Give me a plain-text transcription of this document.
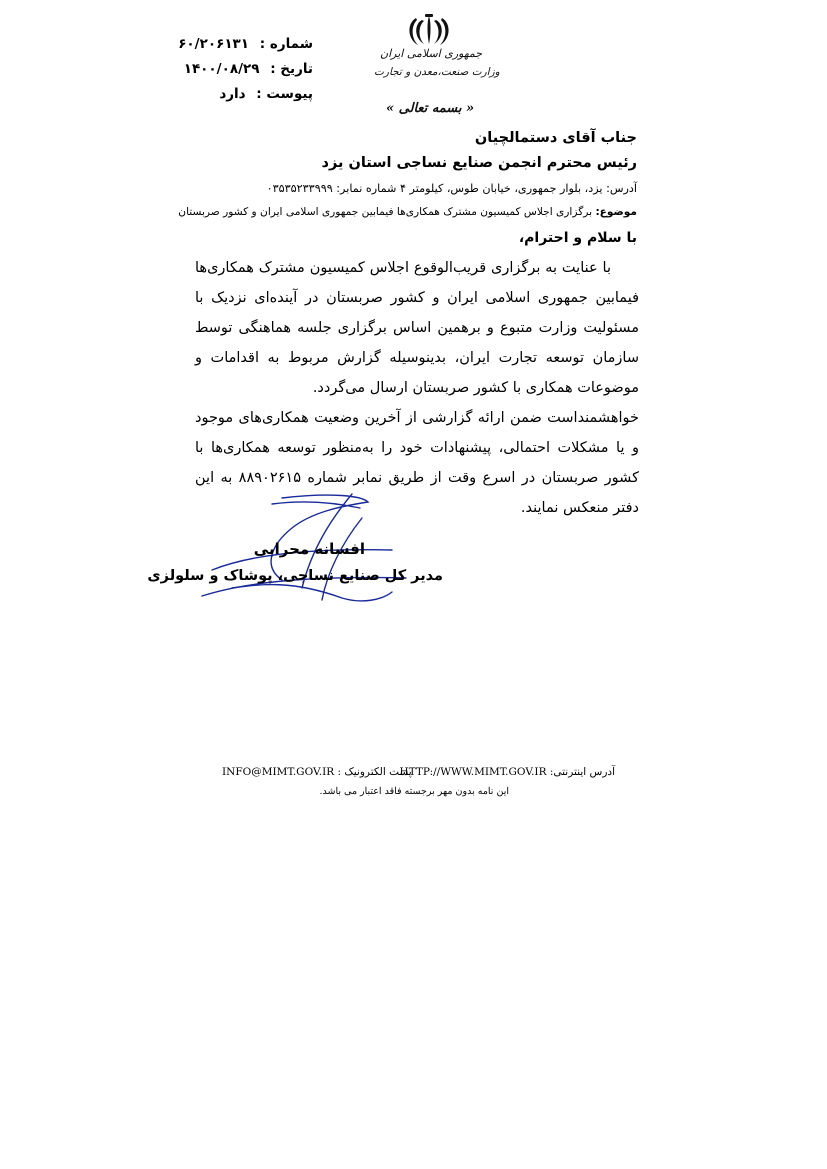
شماره : ۶۰/۲۰۶۱۳۱
تاریخ : ۱۴۰۰/۰۸/۲۹
پیوست : دارد
جمهوری اسلامی ایران
وزارت صنعت،معدن و تجارت
« بسمه تعالی »
جناب آقای دستمالچیان
رئیس محترم انجمن صنایع نساجی استان یزد
آدرس: یزد، بلوار جمهوری، خیابان طوس، کیلومتر ۴ شماره نمابر: ۰۳۵۳۵۲۳۳۹۹۹
موضوع: برگزاری اجلاس کمیسیون مشترک همکاری‌ها فیمابین جمهوری اسلامی ایران و کشور صربستان
با سلام و احترام،

با عنایت به برگزاری قریب‌الوقوع اجلاس کمیسیون مشترک همکاری‌ها فیمابین جمهوری اسلامی ایران و کشور صربستان در آینده‌ای نزدیک با مسئولیت وزارت متبوع و برهمین اساس برگزاری جلسه هماهنگی توسط سازمان توسعه تجارت ایران، بدینوسیله گزارش مربوط به اقدامات و موضوعات همکاری با کشور صربستان ارسال می‌گردد.

خواهشمنداست ضمن ارائه گزارشی از آخرین وضعیت همکاری‌های موجود و یا مشکلات احتمالی، پیشنهادات خود را به‌منظور توسعه همکاری‌ها با کشور صربستان در اسرع وقت از طریق نمابر شماره ۸۸۹۰۲۶۱۵ به این دفتر منعکس نمایند.

افسانه محرابی
مدیر کل صنایع نساجی، پوشاک و سلولزی
آدرس اینترنتی: HTTP://WWW.MIMT.GOV.IR
پست الکترونیک : INFO@MIMT.GOV.IR
این نامه بدون مهر برجسته فاقد اعتبار می باشد.
